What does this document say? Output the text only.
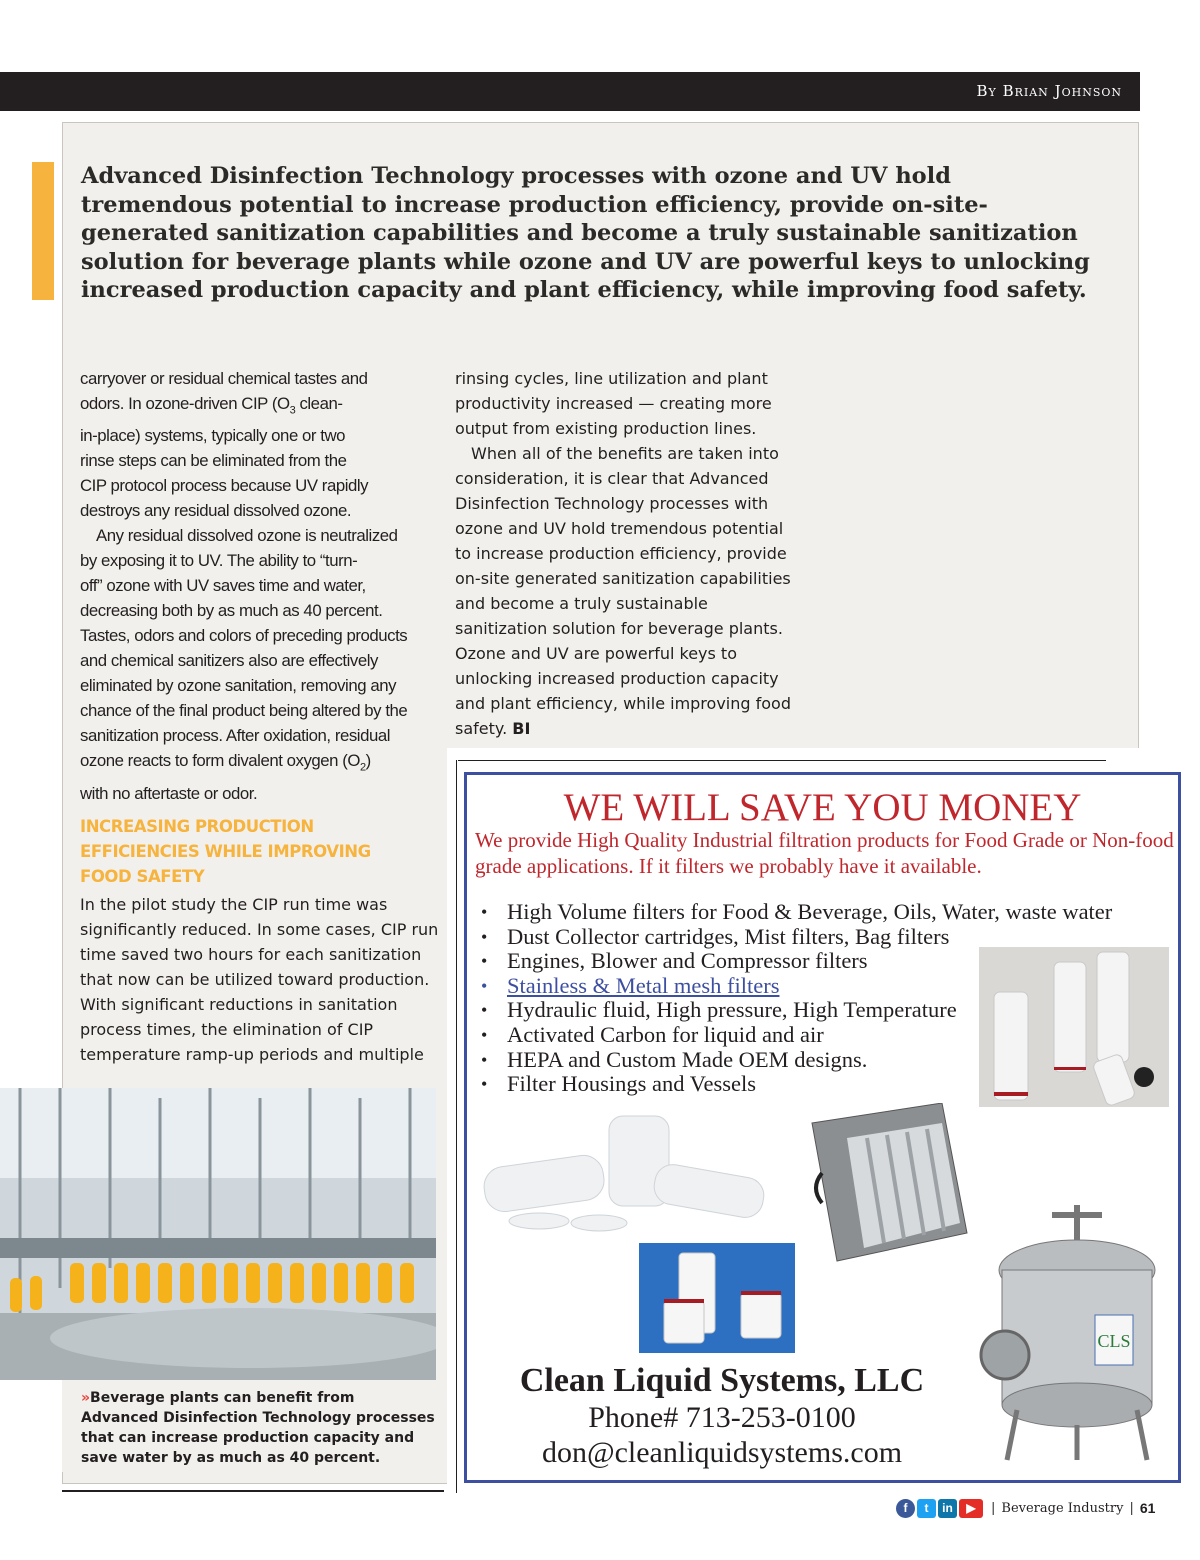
By Brian Johnson
Advanced Disinfection Technology processes with ozone and UV hold tremendous potential to increase production efficiency, provide on-site-generated sanitization capabilities and become a truly sustainable sanitization solution for beverage plants while ozone and UV are powerful keys to unlocking increased production capacity and plant efficiency, while improving food safety.

carryover or residual chemical tastes and
odors. In ozone-driven CIP ($O_3$ clean-
in-place) systems, typically one or two
rinse steps can be eliminated from the
CIP protocol process because UV rapidly
destroys any residual dissolved ozone.

Any residual dissolved ozone is neutralized
by exposing it to UV. The ability to “turn-
off” ozone with UV saves time and water,
decreasing both by as much as 40 percent.
Tastes, odors and colors of preceding products
and chemical sanitizers also are effectively
eliminated by ozone sanitation, removing any
chance of the final product being altered by the
sanitization process. After oxidation, residual
ozone reacts to form divalent oxygen $(O_2)$
with no aftertaste or odor.

INCREASING PRODUCTION
EFFICIENCIES WHILE IMPROVING
FOOD SAFETY

In the pilot study the CIP run time was
significantly reduced. In some cases, CIP run
time saved two hours for each sanitization
that now can be utilized toward production.
With significant reductions in sanitation
process times, the elimination of CIP
temperature ramp-up periods and multiple

rinsing cycles, line utilization and plant
productivity increased — creating more
output from existing production lines.

When all of the benefits are taken into
consideration, it is clear that Advanced
Disinfection Technology processes with
ozone and UV hold tremendous potential
to increase production efficiency, provide
on-site generated sanitization capabilities
and become a truly sustainable
sanitization solution for beverage plants.
Ozone and UV are powerful keys to
unlocking increased production capacity
and plant efficiency, while improving food
safety. BI

»Beverage plants can benefit from Advanced Disinfection Technology processes that can increase production capacity and save water by as much as 40 percent.
WE WILL SAVE YOU MONEY
We provide High Quality Industrial filtration products for Food Grade or Non-food grade applications. If it filters we probably have it available.
• High Volume filters for Food & Beverage, Oils, Water, waste water
• Dust Collector cartridges, Mist filters, Bag filters
• Engines, Blower and Compressor filters
• Stainless & Metal mesh filters
• Hydraulic fluid, High pressure, High Temperature
• Activated Carbon for liquid and air
• HEPA and Custom Made OEM designs.
• Filter Housings and Vessels
CLS
Clean Liquid Systems, LLC
Phone# 713-253-0100
don@cleanliquidsystems.com
f	t	in	▶	| Beverage Industry | 61
